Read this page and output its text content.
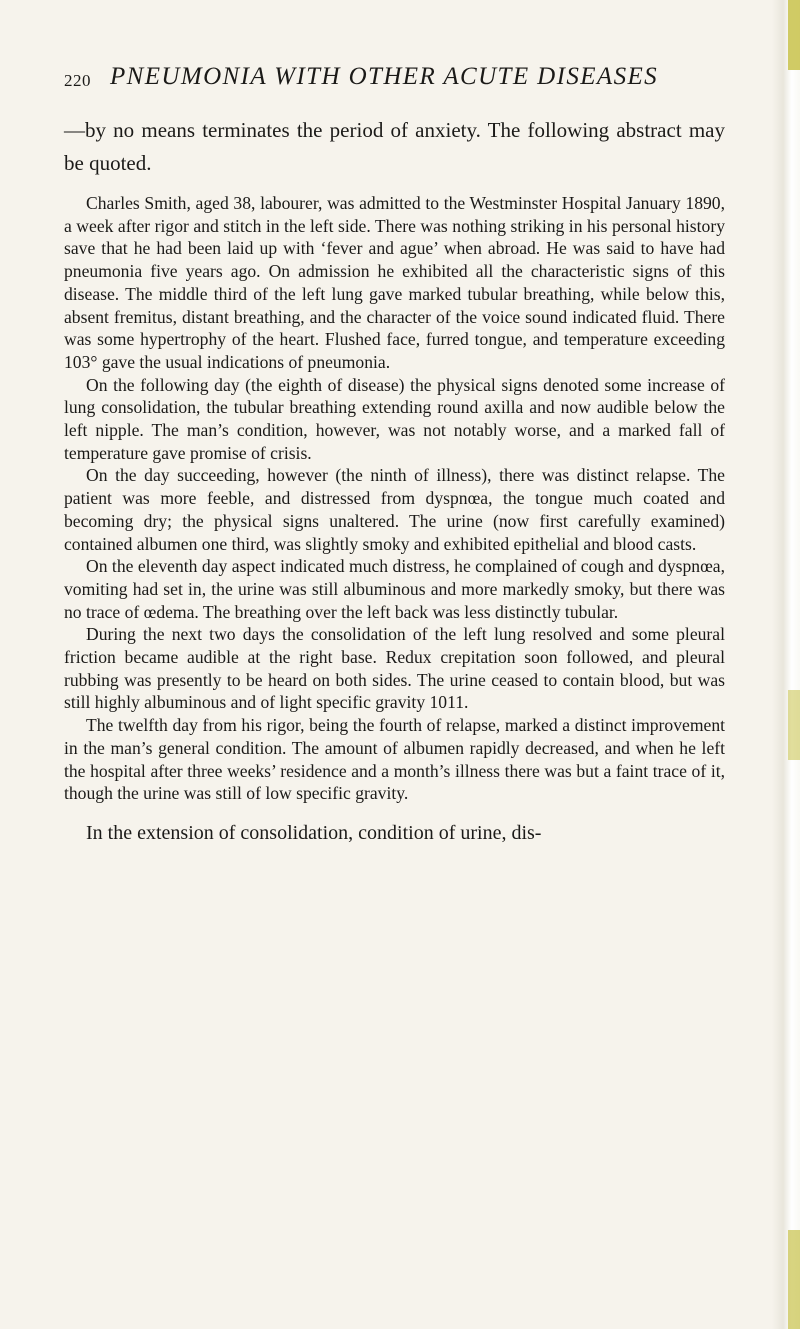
220 PNEUMONIA WITH OTHER ACUTE DISEASES

—by no means terminates the period of anxiety. The following abstract may be quoted.

Charles Smith, aged 38, labourer, was admitted to the Westminster Hospital January 1890, a week after rigor and stitch in the left side. There was nothing striking in his personal history save that he had been laid up with ‘fever and ague’ when abroad. He was said to have had pneumonia five years ago. On admission he exhibited all the characteristic signs of this disease. The middle third of the left lung gave marked tubular breathing, while below this, absent fremitus, distant breathing, and the character of the voice sound indicated fluid. There was some hypertrophy of the heart. Flushed face, furred tongue, and temperature exceeding 103° gave the usual indications of pneumonia.

On the following day (the eighth of disease) the physical signs denoted some increase of lung consolidation, the tubular breathing extending round axilla and now audible below the left nipple. The man’s condition, however, was not notably worse, and a marked fall of temperature gave promise of crisis.

On the day succeeding, however (the ninth of illness), there was distinct relapse. The patient was more feeble, and distressed from dyspnœa, the tongue much coated and becoming dry; the physical signs unaltered. The urine (now first carefully examined) contained albumen one third, was slightly smoky and exhibited epithelial and blood casts.

On the eleventh day aspect indicated much distress, he complained of cough and dyspnœa, vomiting had set in, the urine was still albuminous and more markedly smoky, but there was no trace of œdema. The breathing over the left back was less distinctly tubular.

During the next two days the consolidation of the left lung resolved and some pleural friction became audible at the right base. Redux crepitation soon followed, and pleural rubbing was presently to be heard on both sides. The urine ceased to contain blood, but was still highly albuminous and of light specific gravity 1011.

The twelfth day from his rigor, being the fourth of relapse, marked a distinct improvement in the man’s general condition. The amount of albumen rapidly decreased, and when he left the hospital after three weeks’ residence and a month’s illness there was but a faint trace of it, though the urine was still of low specific gravity.

In the extension of consolidation, condition of urine, dis-
